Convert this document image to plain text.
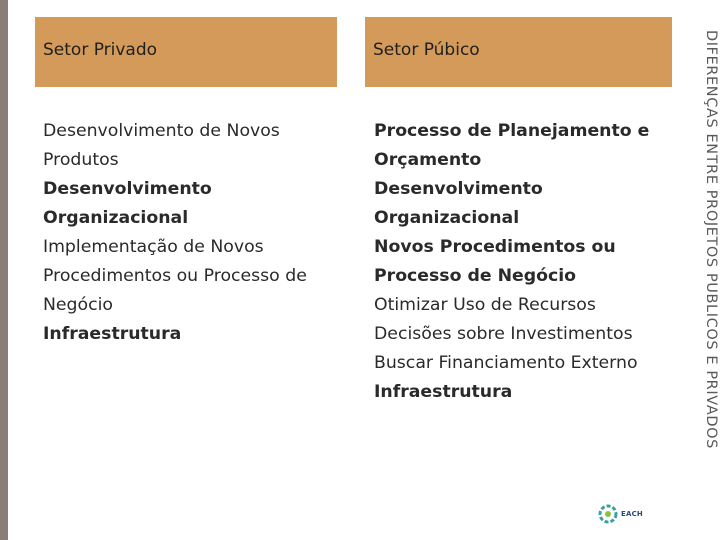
DIFERENÇAS ENTRE PROJETOS PUBLICOS E PRIVADOS
Setor Privado	Setor Púbico
Desenvolvimento de Novos Produtos
Desenvolvimento Organizacional
Implementação de Novos Procedimentos ou Processo de Negócio
Infraestrutura
Processo de Planejamento e Orçamento
Desenvolvimento Organizacional
Novos Procedimentos ou Processo de Negócio
Otimizar Uso de Recursos
Decisões sobre Investimentos
Buscar Financiamento Externo
Infraestrutura
EACH
